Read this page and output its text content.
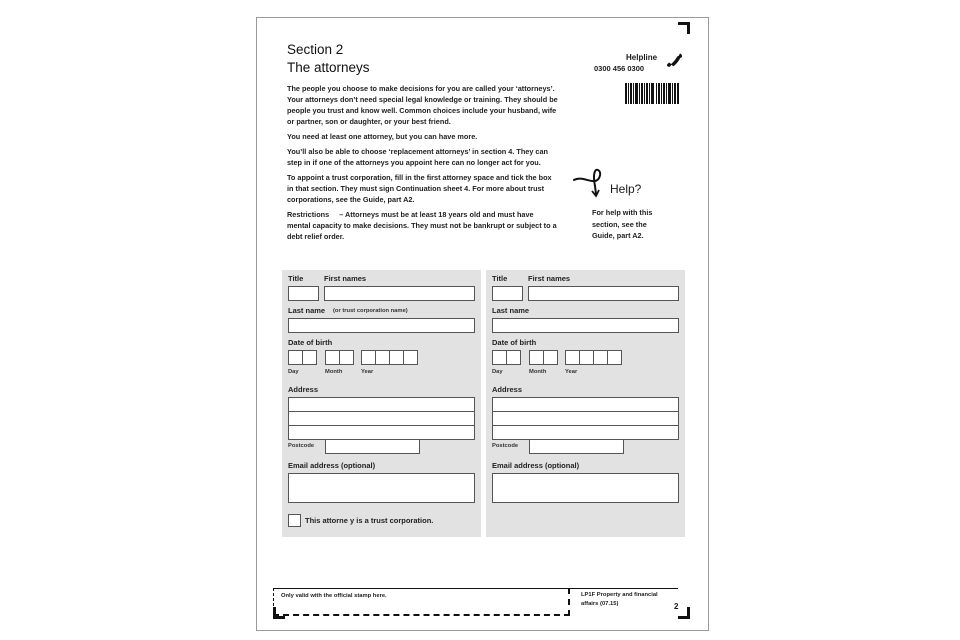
Section 2
The attorneys
Helpline
0300 456 0300

The people you choose to make decisions for you are called your ‘attorneys’. Your attorneys don’t need special legal knowledge or training. They should be people you trust and know well. Common choices include your husband, wife or partner, son or daughter, or your best friend.

You need at least one attorney, but you can have more.

You’ll also be able to choose ‘replacement attorneys’ in section 4. They can step in if one of the attorneys you appoint here can no longer act for you.

To appoint a trust corporation, fill in the first attorney space and tick the box in that section. They must sign Continuation sheet 4. For more about trust corporations, see the Guide, part A2.

Restrictions – Attorneys must be at least 18 years old and must have mental capacity to make decisions. They must not be bankrupt or subject to a debt relief order.

Help?
For help with this section, see the Guide, part A2.
Title	First names
Last name (or trust corporation name)
Date of birth
Day	Month	Year
Address
Postcode
Email address (optional)
This attorne y is a trust corporation.
Title	First names
Last name
Date of birth
Day	Month	Year
Address
Postcode
Email address (optional)
Only valid with the official stamp here.	LP1F Property and financial affairs (07.15)	2
